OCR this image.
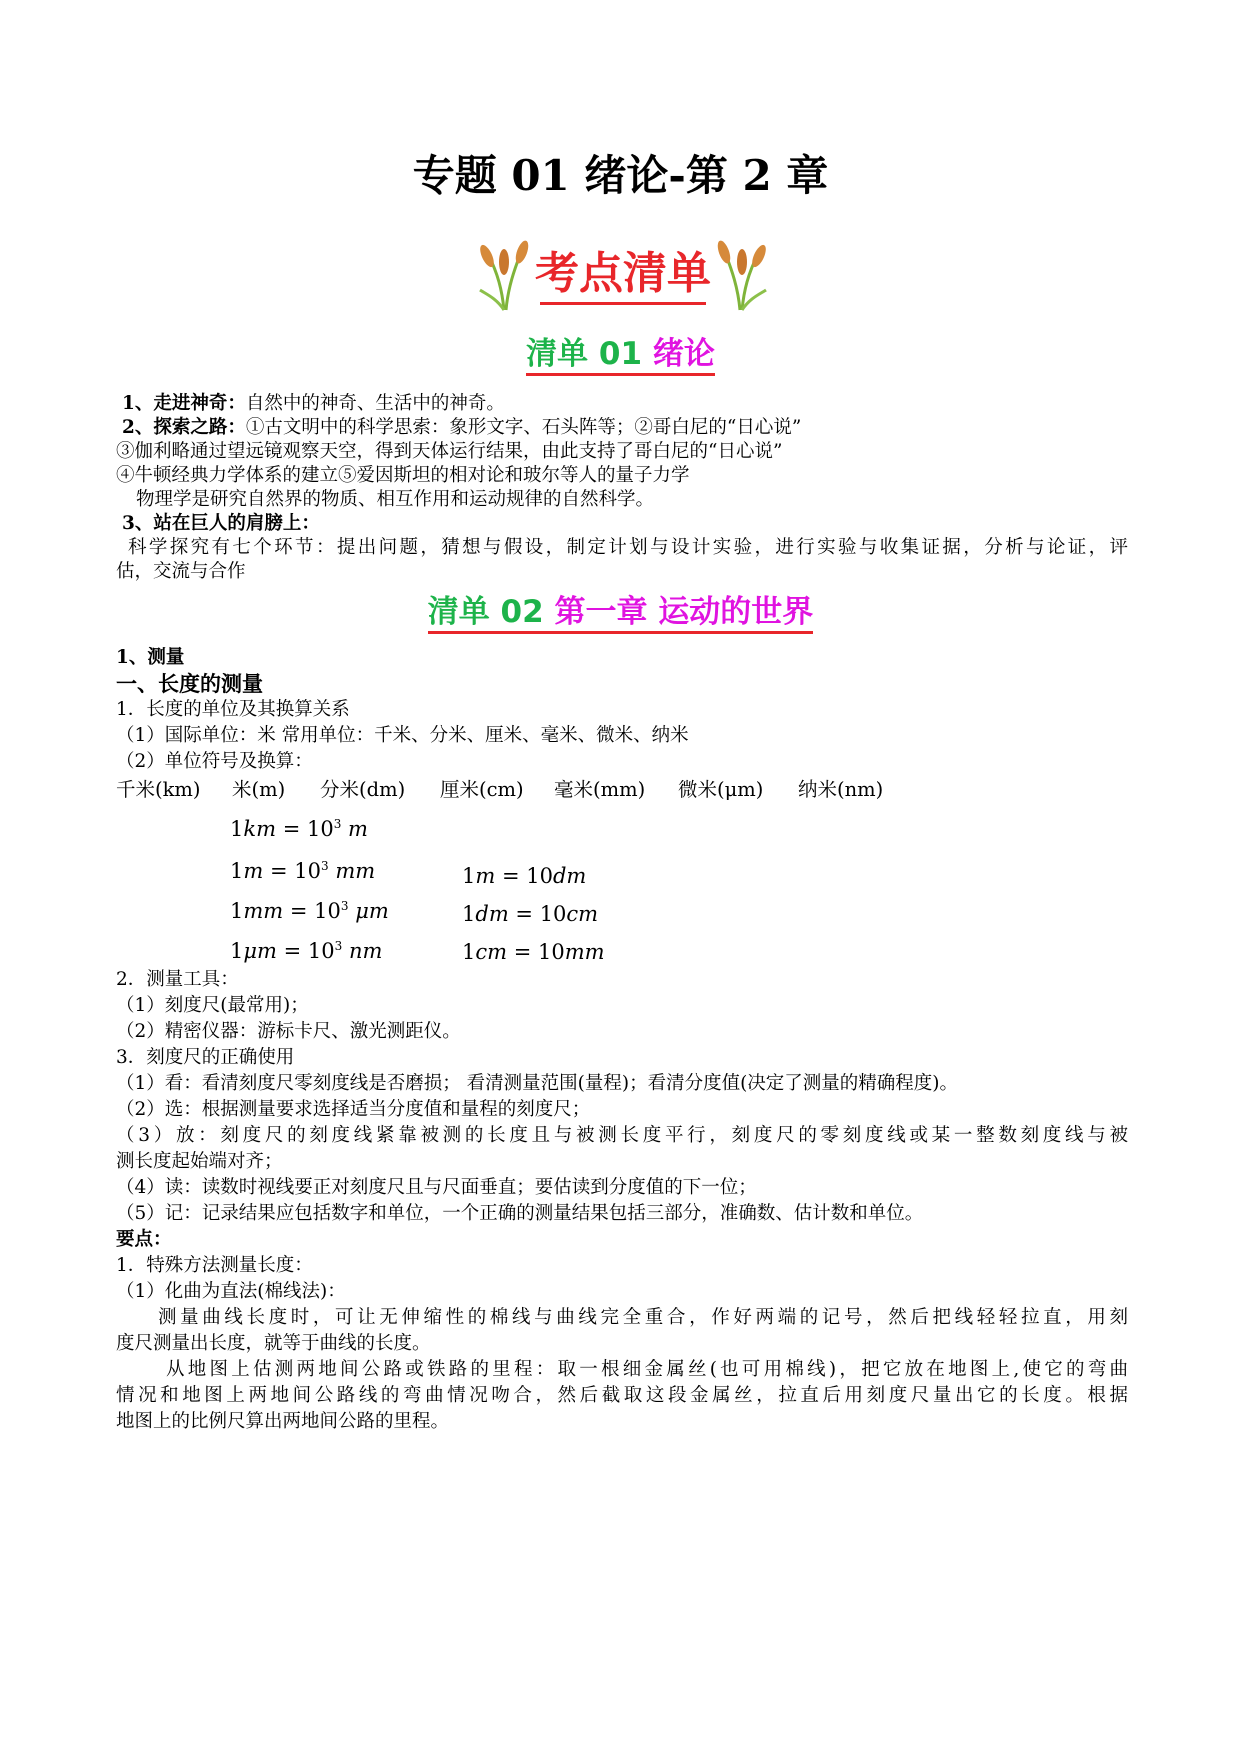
专题 01 绪论-第 2 章
考点清单
清单 01 绪论
1、走进神奇：自然中的神奇、生活中的神奇。
2、探索之路：①古文明中的科学思索：象形文字、石头阵等；②哥白尼的“日心说”
③伽利略通过望远镜观察天空，得到天体运行结果，由此支持了哥白尼的“日心说”
④牛顿经典力学体系的建立⑤爱因斯坦的相对论和玻尔等人的量子力学
物理学是研究自然界的物质、相互作用和运动规律的自然科学。
3、站在巨人的肩膀上：
科学探究有七个环节：提出问题，猜想与假设，制定计划与设计实验，进行实验与收集证据，分析与论证，评
估，交流与合作
清单 02 第一章 运动的世界
1、测量
一、长度的测量
1．长度的单位及其换算关系
（1）国际单位：米 常用单位：千米、分米、厘米、毫米、微米、纳米
（2）单位符号及换算：
千米(km) 米(m) 分米(dm) 厘米(cm) 毫米(mm) 微米(μm) 纳米(nm)
$1km = 10^3$ m
$1m = 10^3$ mm
$1mm = 10^3$ μm
$1\mu m = 10^3$ nm
1m = 10dm
1dm = 10cm
1cm = 10mm
2．测量工具：
（1）刻度尺(最常用)；
（2）精密仪器：游标卡尺、激光测距仪。
3．刻度尺的正确使用
（1）看：看清刻度尺零刻度线是否磨损； 看清测量范围(量程)；看清分度值(决定了测量的精确程度)。
（2）选：根据测量要求选择适当分度值和量程的刻度尺；
（3）放：刻度尺的刻度线紧靠被测的长度且与被测长度平行，刻度尺的零刻度线或某一整数刻度线与被
测长度起始端对齐；
（4）读：读数时视线要正对刻度尺且与尺面垂直；要估读到分度值的下一位；
（5）记：记录结果应包括数字和单位，一个正确的测量结果包括三部分，准确数、估计数和单位。
要点：
1．特殊方法测量长度：
（1）化曲为直法(棉线法)：
测量曲线长度时，可让无伸缩性的棉线与曲线完全重合，作好两端的记号，然后把线轻轻拉直，用刻
度尺测量出长度，就等于曲线的长度。
从地图上估测两地间公路或铁路的里程：取一根细金属丝(也可用棉线)，把它放在地图上,使它的弯曲
情况和地图上两地间公路线的弯曲情况吻合，然后截取这段金属丝，拉直后用刻度尺量出它的长度。根据
地图上的比例尺算出两地间公路的里程。
